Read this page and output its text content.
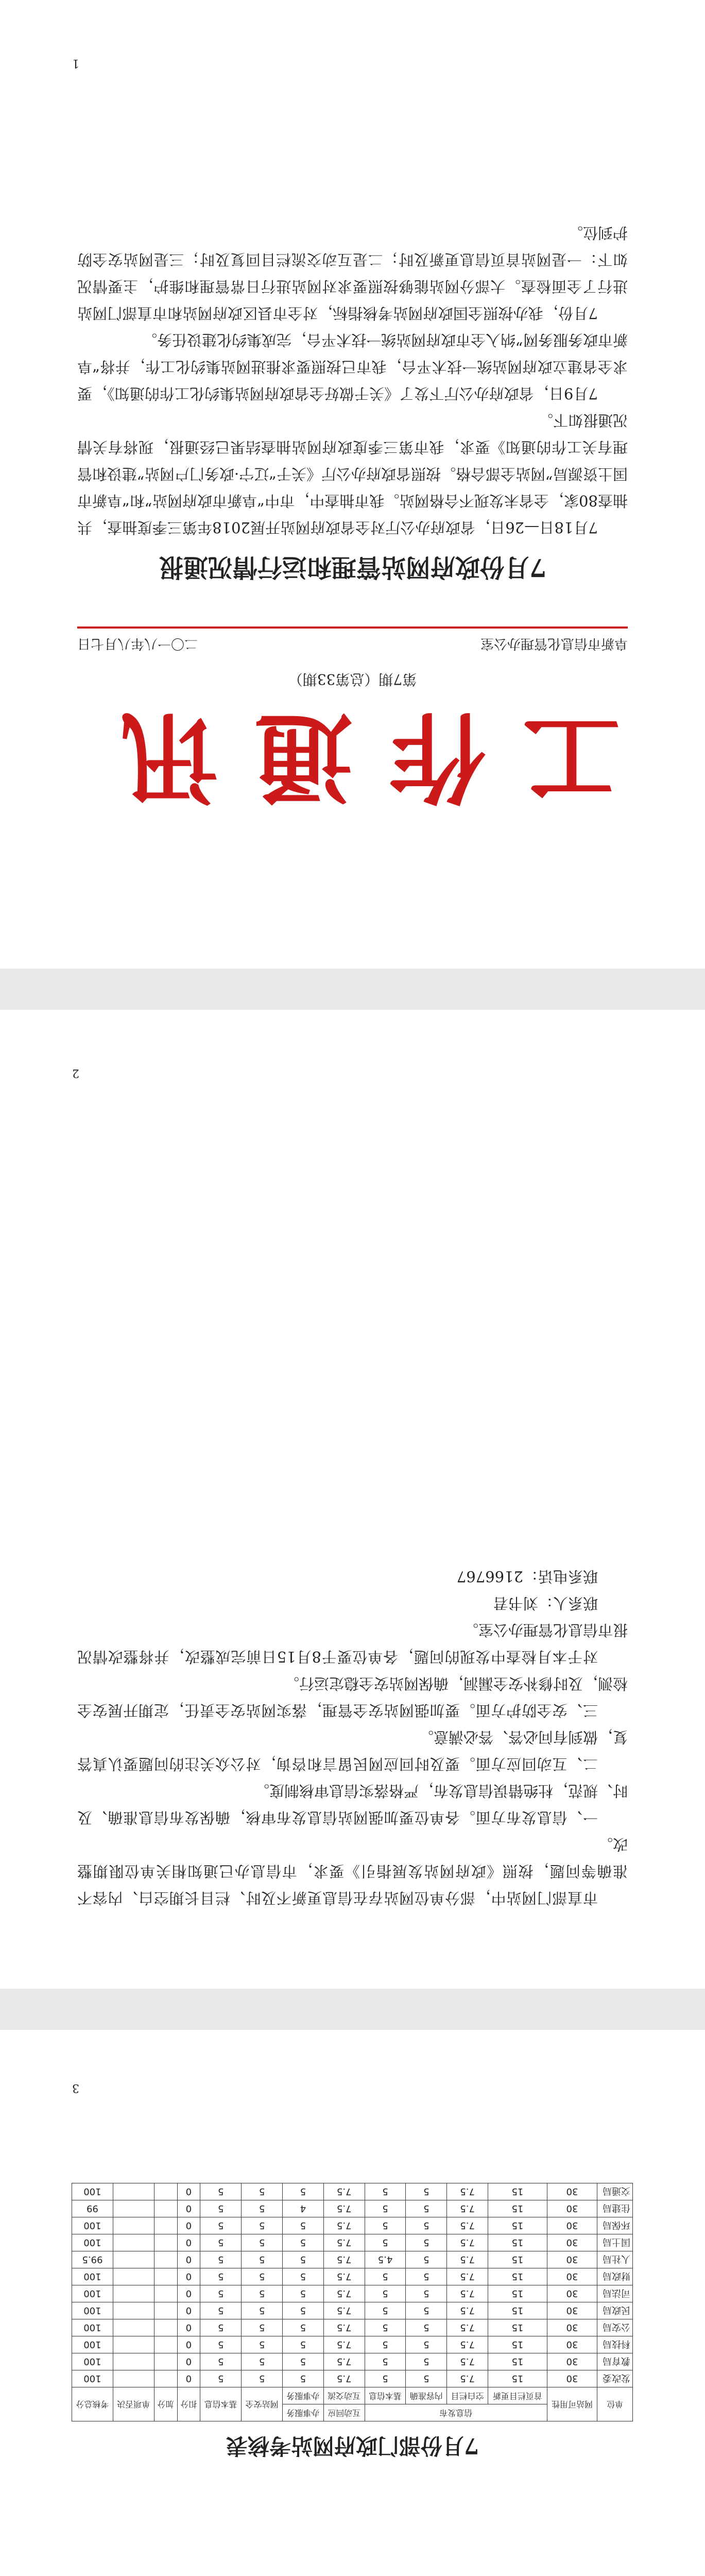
工作通讯
第7期（总第33期）
阜新市信息化管理办公室
二〇一八年八月七日
7月份政府网站管理和运行情况通报

7月18日—26日，省政府办公厅对全省政府网站开展2018年第三季度抽查，共抽查80家，全省未发现不合格网站。我市抽查中，市中“阜新市政府网站”和“阜新市国土资源局”网站全部合格。按照省政府办公厅《关于“辽宁·政务门户网站”建设和管理有关工作的通知》要求，我市第三季度政府网站抽查结果已经通报，现将有关情况通报如下。

7月9日，省政府办公厅下发了《关于做好全省政府网站集约化工作的通知》，要求全省建立政府网站统一技术平台，我市已按照要求推进网站集约化工作，并将“阜新市政务服务网”纳入全市政府网站统一技术平台，完成集约化建设任务。

7月份，我办按照全国政府网站考核指标，对全市县区政府网站和市直部门网站进行了全面检查。大部分网站能够按照要求对网站进行日常管理和维护，主要情况如下：一是网站首页信息更新及时；二是互动交流栏目回复及时；三是网站安全防护到位。

1

市直部门网站中，部分单位网站存在信息更新不及时、栏目长期空白、内容不准确等问题，按照《政府网站发展指引》要求，市信息办已通知相关单位限期整改。

一、信息发布方面。各单位要加强网站信息发布审核，确保发布信息准确、及时、规范，杜绝错误信息发布，严格落实信息审核制度。

二、互动回应方面。要及时回应网民留言和咨询，对公众关注的问题要认真答复，做到有问必答、答必满意。

三、安全防护方面。要加强网站安全管理，落实网站安全责任，定期开展安全检测，及时修补安全漏洞，确保网站安全稳定运行。

对于本月检查中发现的问题，各单位要于8月15日前完成整改，并将整改情况报市信息化管理办公室。

联系人：刘书君

联系电话：2166767

2

7月份部门政府网站考核表
单位	网站可用性	信息发布				互动回应	办事服务	网站安全	基本信息	扣分	加分	单项否决	考核总分
		首页栏目更新	空白栏目	内容准确	基本信息	互动交流	办事服务						
发改委	30	15	7.5	5	5	7.5	5	5	5	0			100
教育局	30	15	7.5	5	5	7.5	5	5	5	0			100
科技局	30	15	7.5	5	5	7.5	5	5	5	0			100
公安局	30	15	7.5	5	5	7.5	5	5	5	0			100
民政局	30	15	7.5	5	5	7.5	5	5	5	0			100
司法局	30	15	7.5	5	5	7.5	5	5	5	0			100
财政局	30	15	7.5	5	5	7.5	5	5	5	0			100
人社局	30	15	7.5	5	4.5	7.5	5	5	5	0			99.5
国土局	30	15	7.5	5	5	7.5	5	5	5	0			100
环保局	30	15	7.5	5	5	7.5	5	5	5	0			100
住建局	30	15	7.5	5	5	7.5	4	5	5	0			99
交通局	30	15	7.5	5	5	7.5	5	5	5	0			100
3
